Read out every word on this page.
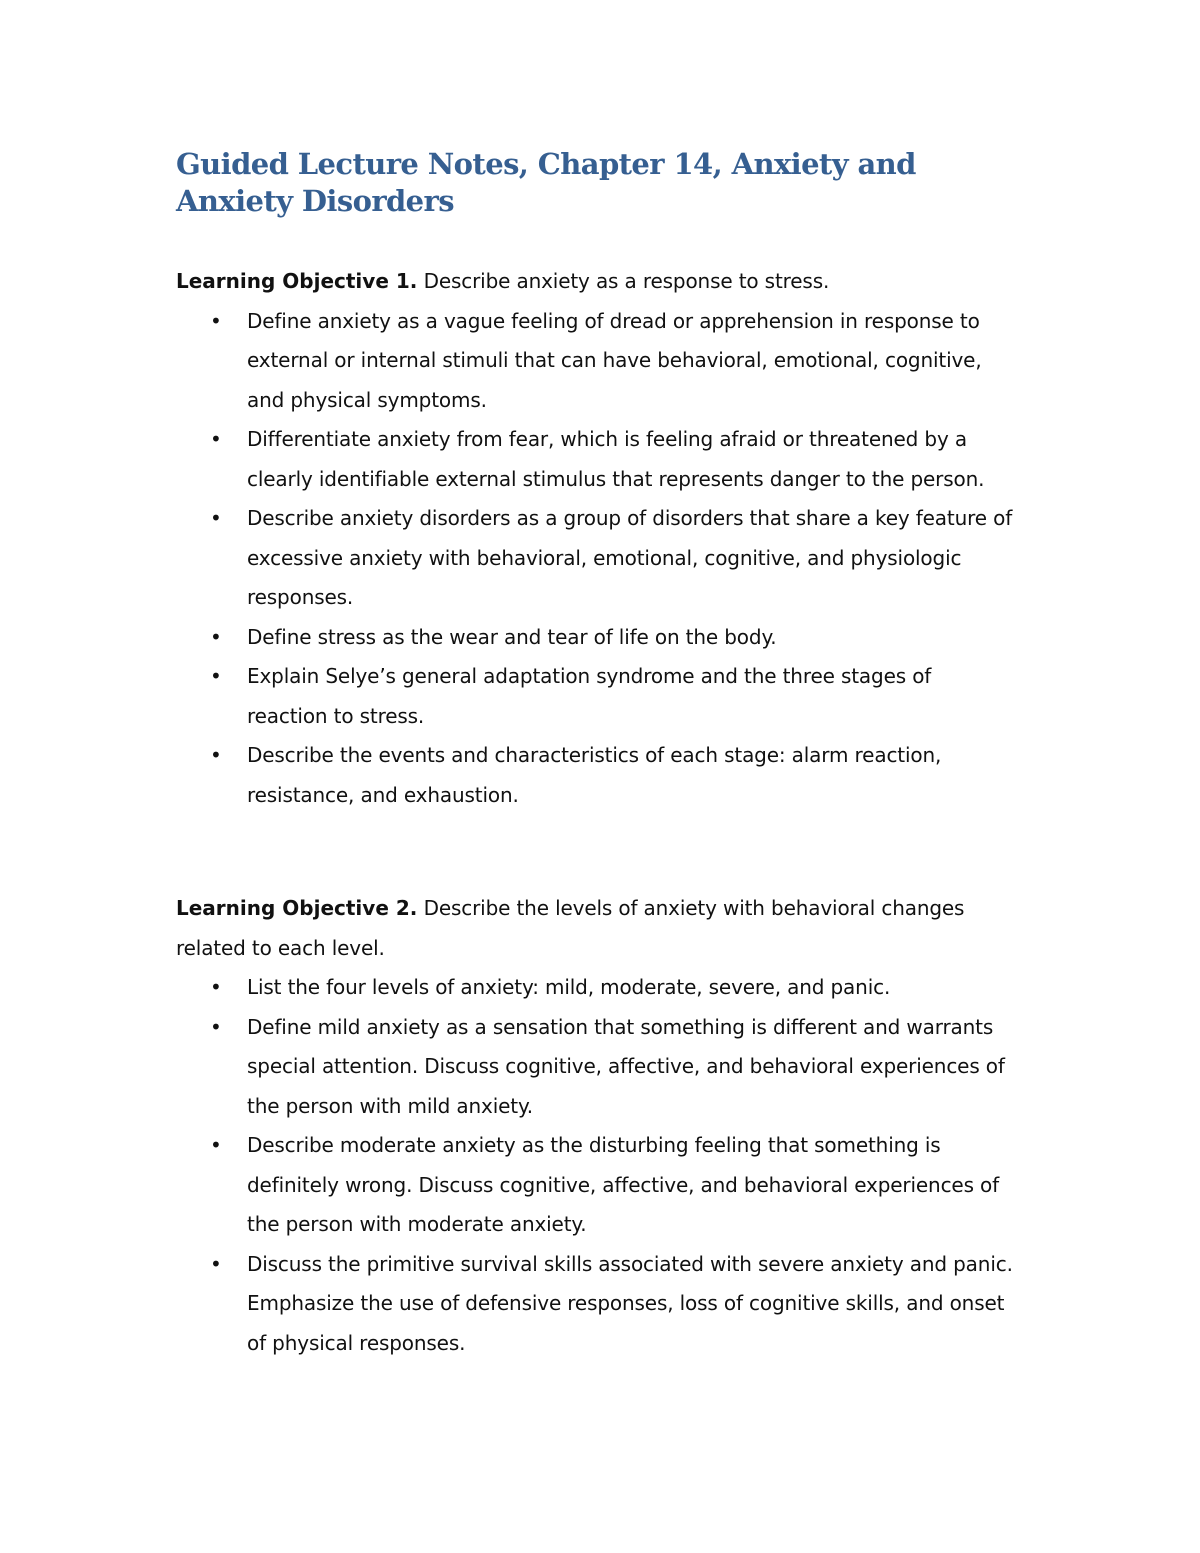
Guided Lecture Notes, Chapter 14, Anxiety and Anxiety Disorders

Learning Objective 1. Describe anxiety as a response to stress.

• Define anxiety as a vague feeling of dread or apprehension in response to external or internal stimuli that can have behavioral, emotional, cognitive, and physical symptoms.
• Differentiate anxiety from fear, which is feeling afraid or threatened by a clearly identifiable external stimulus that represents danger to the person.
• Describe anxiety disorders as a group of disorders that share a key feature of excessive anxiety with behavioral, emotional, cognitive, and physiologic responses.
• Define stress as the wear and tear of life on the body.
• Explain Selye’s general adaptation syndrome and the three stages of reaction to stress.
• Describe the events and characteristics of each stage: alarm reaction, resistance, and exhaustion.

Learning Objective 2. Describe the levels of anxiety with behavioral changes related to each level.

• List the four levels of anxiety: mild, moderate, severe, and panic.
• Define mild anxiety as a sensation that something is different and warrants special attention. Discuss cognitive, affective, and behavioral experiences of the person with mild anxiety.
• Describe moderate anxiety as the disturbing feeling that something is definitely wrong. Discuss cognitive, affective, and behavioral experiences of the person with moderate anxiety.
• Discuss the primitive survival skills associated with severe anxiety and panic. Emphasize the use of defensive responses, loss of cognitive skills, and onset of physical responses.
